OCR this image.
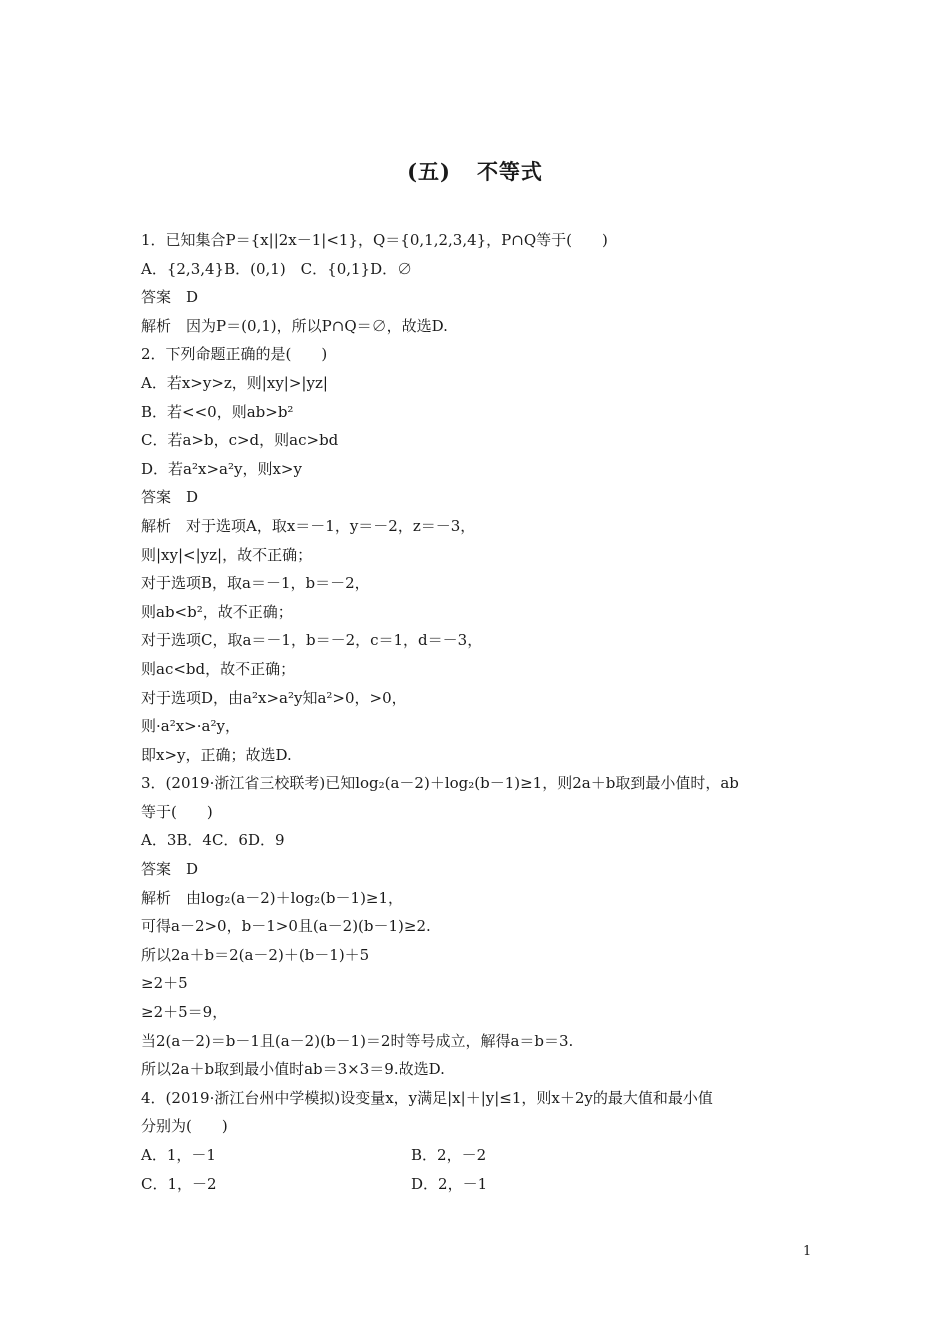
(五) 不等式
1．已知集合P＝{x||2x－1|<1}，Q＝{0,1,2,3,4}，P∩Q等于(　　)
A．{2,3,4}B．(0,1)　C．{0,1}D．∅
答案　D
解析　因为P＝(0,1)，所以P∩Q＝∅，故选D.
2．下列命题正确的是(　　)
A．若x>y>z，则|xy|>|yz|
B．若<<0，则ab>b²
C．若a>b，c>d，则ac>bd
D．若a²x>a²y，则x>y
答案　D
解析　对于选项A，取x＝－1，y＝－2，z＝－3，
则|xy|<|yz|，故不正确；
对于选项B，取a＝－1，b＝－2，
则ab<b²，故不正确；
对于选项C，取a＝－1，b＝－2，c＝1，d＝－3，
则ac<bd，故不正确；
对于选项D，由a²x>a²y知a²>0，>0，
则·a²x>·a²y，
即x>y，正确；故选D.
3．(2019·浙江省三校联考)已知log₂(a－2)＋log₂(b－1)≥1，则2a＋b取到最小值时，ab
等于(　　)
A．3B．4C．6D．9
答案　D
解析　由log₂(a－2)＋log₂(b－1)≥1，
可得a－2>0，b－1>0且(a－2)(b－1)≥2.
所以2a＋b＝2(a－2)＋(b－1)＋5
≥2＋5
≥2＋5＝9，
当2(a－2)＝b－1且(a－2)(b－1)＝2时等号成立，解得a＝b＝3.
所以2a＋b取到最小值时ab＝3×3＝9.故选D.
4．(2019·浙江台州中学模拟)设变量x，y满足|x|＋|y|≤1，则x＋2y的最大值和最小值
分别为(　　)
A．1，－1	B．2，－2
C．1，－2	D．2，－1
1
